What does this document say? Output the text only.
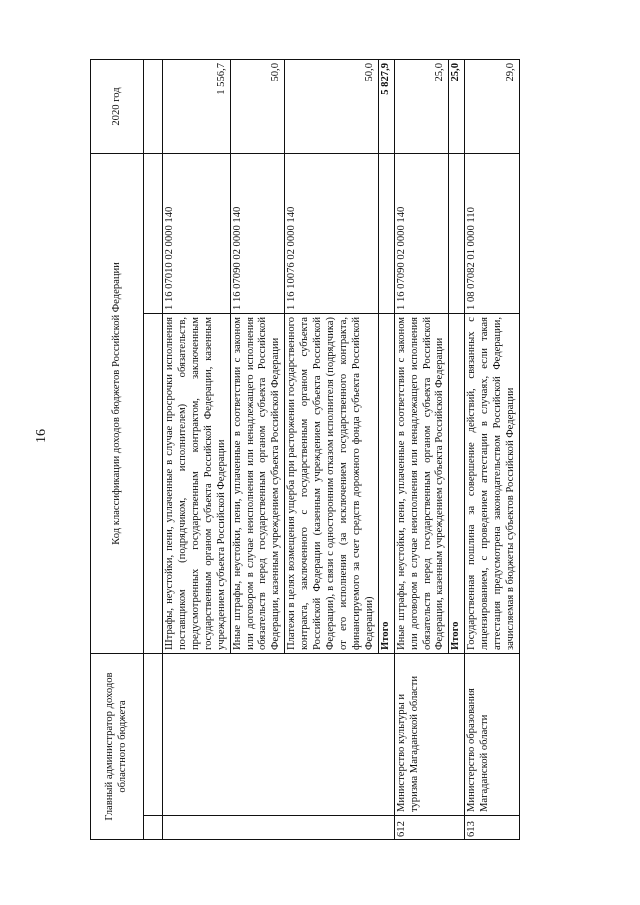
16
Главный администратор доходов областного бюджета		Код классификации доходов бюджетов Российской Федерации		2020 год

		Штрафы, неустойки, пени, уплаченные в случае просрочки исполнения поставщиком (подрядчиком, исполнителем) обязательств, предусмотренных государственным контрактом, заключенным государственным органом субъекта Российской Федерации, казенным учреждением субъекта Российской Федерации	1 16 07010 02 0000 140	1 556,7
		Иные штрафы, неустойки, пени, уплаченные в соответствии с законом или договором в случае неисполнения или ненадлежащего исполнения обязательств перед государственным органом субъекта Российской Федерации, казенным учреждением субъекта Российской Федерации	1 16 07090 02 0000 140	50,0
		Платежи в целях возмещения ущерба при расторжении государственного контракта, заключенного с государственным органом субъекта Российской Федерации (казенным учреждением субъекта Российской Федерации), в связи с односторонним отказом исполнителя (подрядчика) от его исполнения (за исключением государственного контракта, финансируемого за счет средств дорожного фонда субъекта Российской Федерации)	1 16 10076 02 0000 140	50,0
		Итого		5 827,9
612	Министерство культуры и туризма Магаданской области	Иные штрафы, неустойки, пени, уплаченные в соответствии с законом или договором в случае неисполнения или ненадлежащего исполнения обязательств перед государственным органом субъекта Российской Федерации, казенным учреждением субъекта Российской Федерации	1 16 07090 02 0000 140	25,0
		Итого		25,0
613	Министерство образования Магаданской области	Государственная пошлина за совершение действий, связанных с лицензированием, с проведением аттестации в случаях, если такая аттестация предусмотрена законодательством Российской Федерации, зачисляемая в бюджеты субъектов Российской Федерации	1 08 07082 01 0000 110	29,0
